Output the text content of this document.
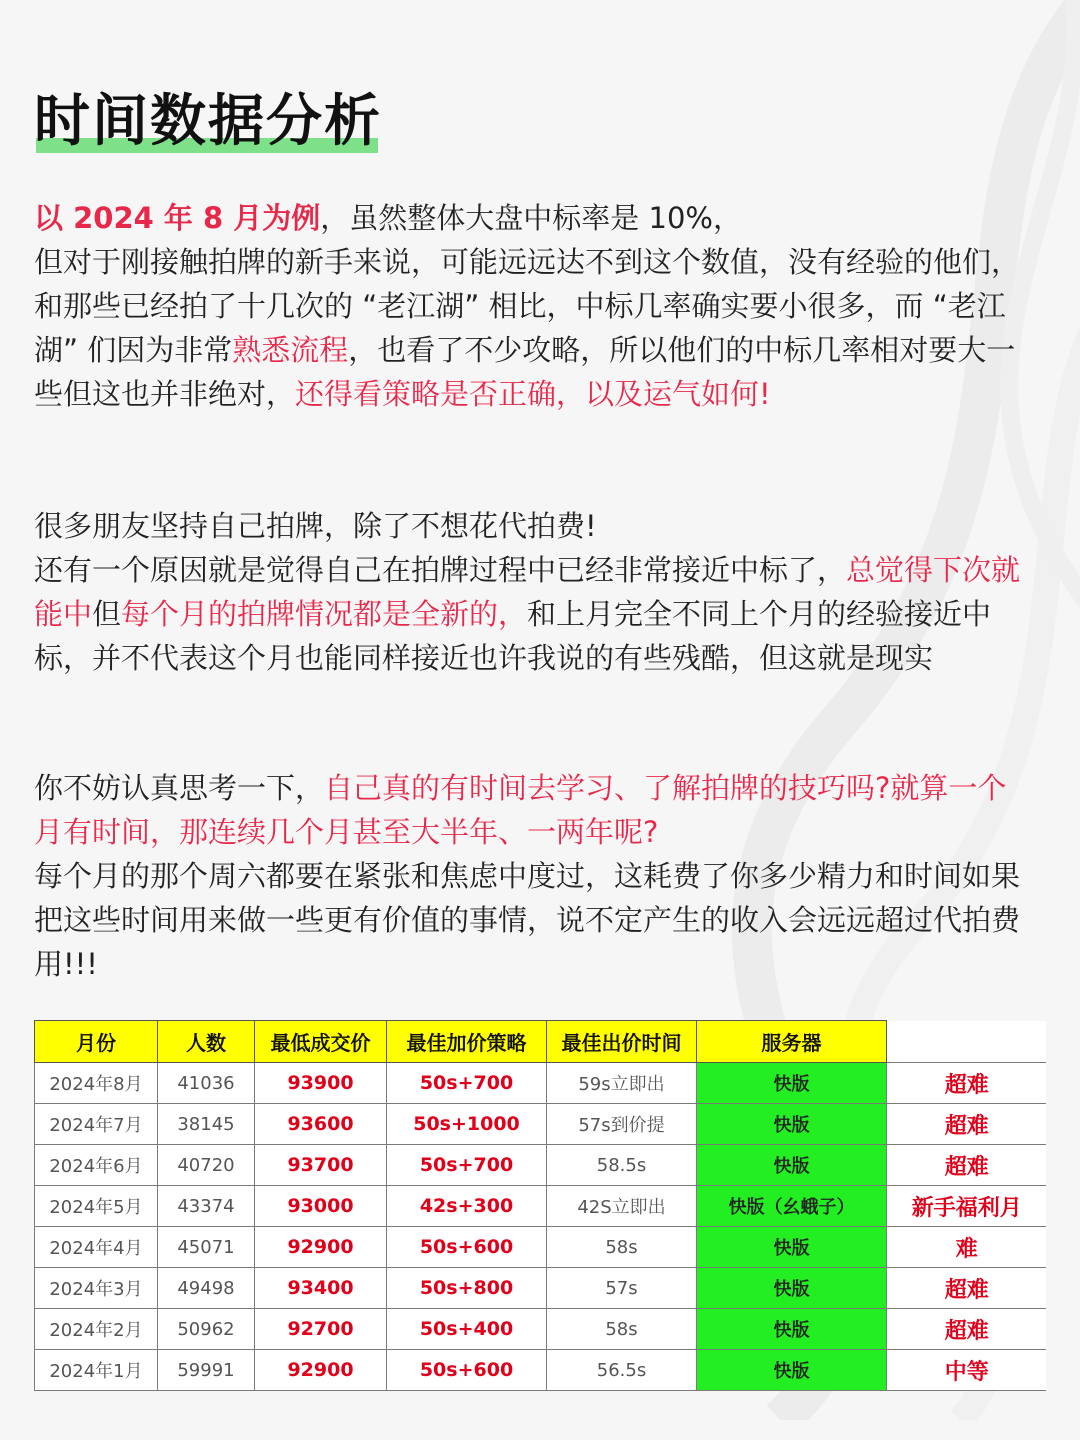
时间数据分析

以 2024 年 8 月为例，虽然整体大盘中标率是 10%，
但对于刚接触拍牌的新手来说，可能远远达不到这个数值，没有经验的他们，和那些已经拍了十几次的 “老江湖” 相比，中标几率确实要小很多，而 “老江湖” 们因为非常熟悉流程，也看了不少攻略，所以他们的中标几率相对要大一些但这也并非绝对，还得看策略是否正确，以及运气如何!

很多朋友坚持自己拍牌，除了不想花代拍费!
还有一个原因就是觉得自己在拍牌过程中已经非常接近中标了，总觉得下次就能中但每个月的拍牌情况都是全新的，和上月完全不同上个月的经验接近中标，并不代表这个月也能同样接近也许我说的有些残酷，但这就是现实

你不妨认真思考一下，自己真的有时间去学习、了解拍牌的技巧吗?就算一个月有时间，那连续几个月甚至大半年、一两年呢?
每个月的那个周六都要在紧张和焦虑中度过，这耗费了你多少精力和时间如果把这些时间用来做一些更有价值的事情，说不定产生的收入会远远超过代拍费用!!!

月份	人数	最低成交价	最佳加价策略	最佳出价时间	服务器	
2024年8月	41036	93900	50s+700	59s立即出	快版	超难
2024年7月	38145	93600	50s+1000	57s到价提	快版	超难
2024年6月	40720	93700	50s+700	58.5s	快版	超难
2024年5月	43374	93000	42s+300	42S立即出	快版（幺蛾子）	新手福利月
2024年4月	45071	92900	50s+600	58s	快版	难
2024年3月	49498	93400	50s+800	57s	快版	超难
2024年2月	50962	92700	50s+400	58s	快版	超难
2024年1月	59991	92900	50s+600	56.5s	快版	中等
